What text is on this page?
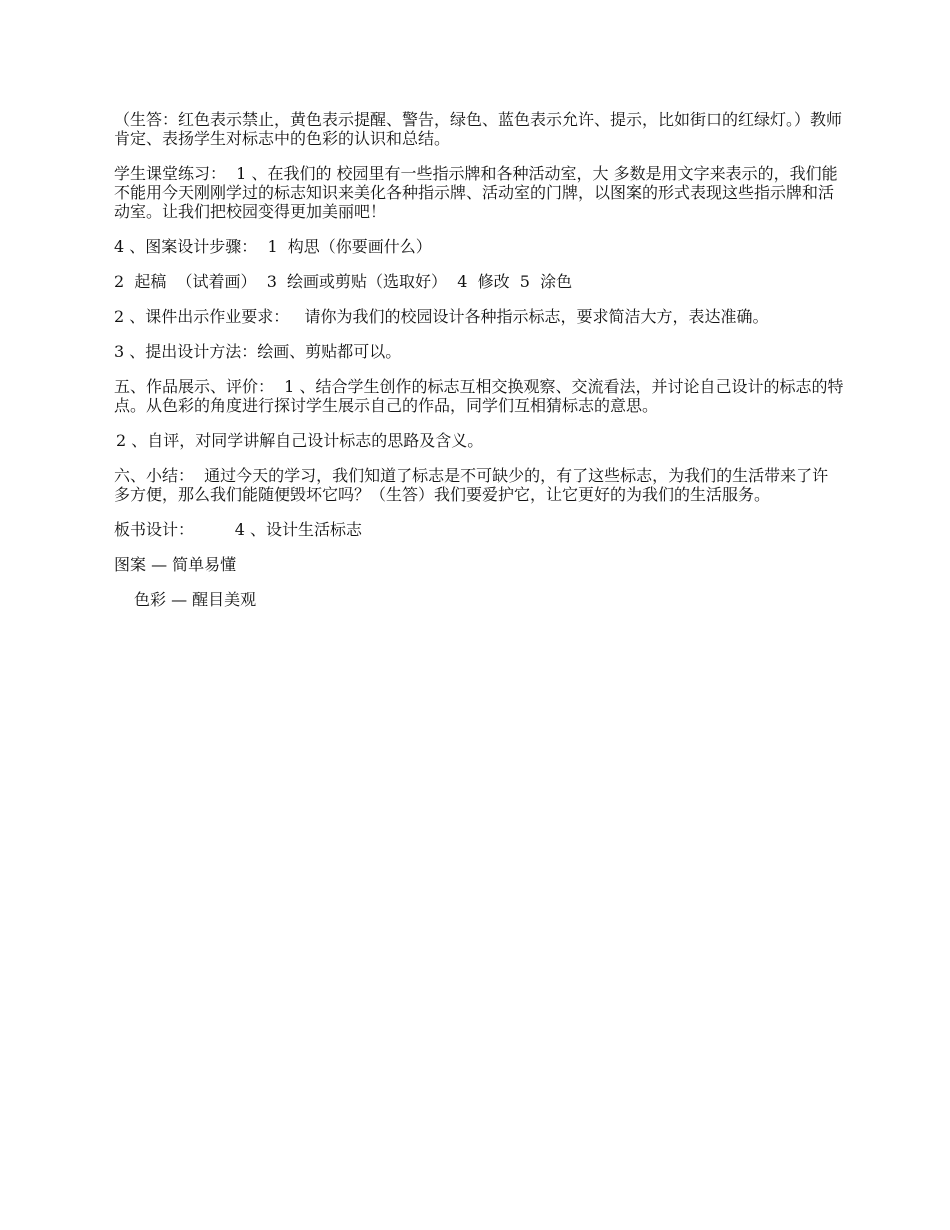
（生答：红色表示禁止，黄色表示提醒、警告，绿色、蓝色表示允许、提示，比如街口的红绿灯。）教师肯定、表扬学生对标志中的色彩的认识和总结。

学生课堂练习：  1 、在我们的 校园里有一些指示牌和各种活动室，大 多数是用文字来表示的，我们能不能用今天刚刚学过的标志知识来美化各种指示牌、活动室的门牌，以图案的形式表现这些指示牌和活动室。让我们把校园变得更加美丽吧！

4 、图案设计步骤：  1  构思（你要画什么）

2  起稿  （试着画）  3  绘画或剪贴（选取好）  4  修改  5  涂色

2 、课件出示作业要求：   请你为我们的校园设计各种指示标志，要求简洁大方，表达准确。

3 、提出设计方法：绘画、剪贴都可以。

五、作品展示、评价：  1 、结合学生创作的标志互相交换观察、交流看法，并讨论自己设计的标志的特点。从色彩的角度进行探讨学生展示自己的作品，同学们互相猜标志的意思。

2 、自评，对同学讲解自己设计标志的思路及含义。

六、小结：  通过今天的学习，我们知道了标志是不可缺少的，有了这些标志，为我们的生活带来了许多方便，那么我们能随便毁坏它吗？（生答）我们要爱护它，让它更好的为我们的生活服务。

板书设计：        4 、设计生活标志

图案 — 简单易懂

色彩 — 醒目美观
